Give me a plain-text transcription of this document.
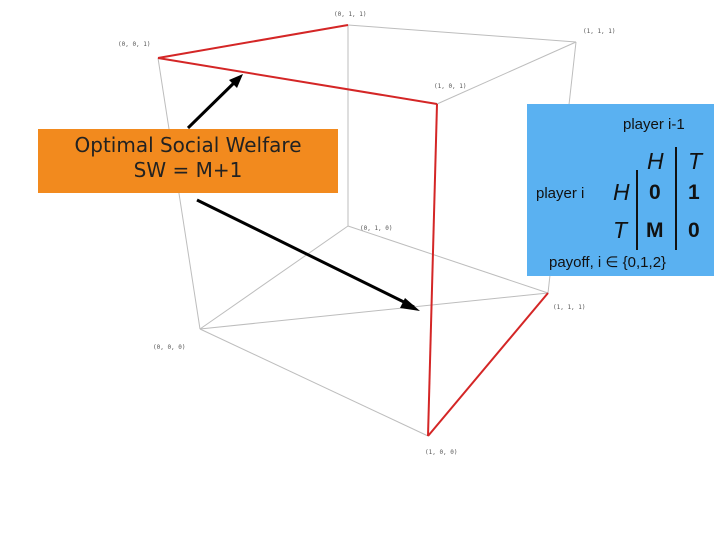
(0, 1, 1)
(0, 0, 1)
(1, 1, 1)
(1, 0, 1)
(0, 1, 0)
(1, 1, 1)
(0, 0, 0)
(1, 0, 0)
Optimal Social Welfare
SW = M+1
player i-1
player i
H T
H
T
0 1
M 0
payoff, i ∈ {0,1,2}
